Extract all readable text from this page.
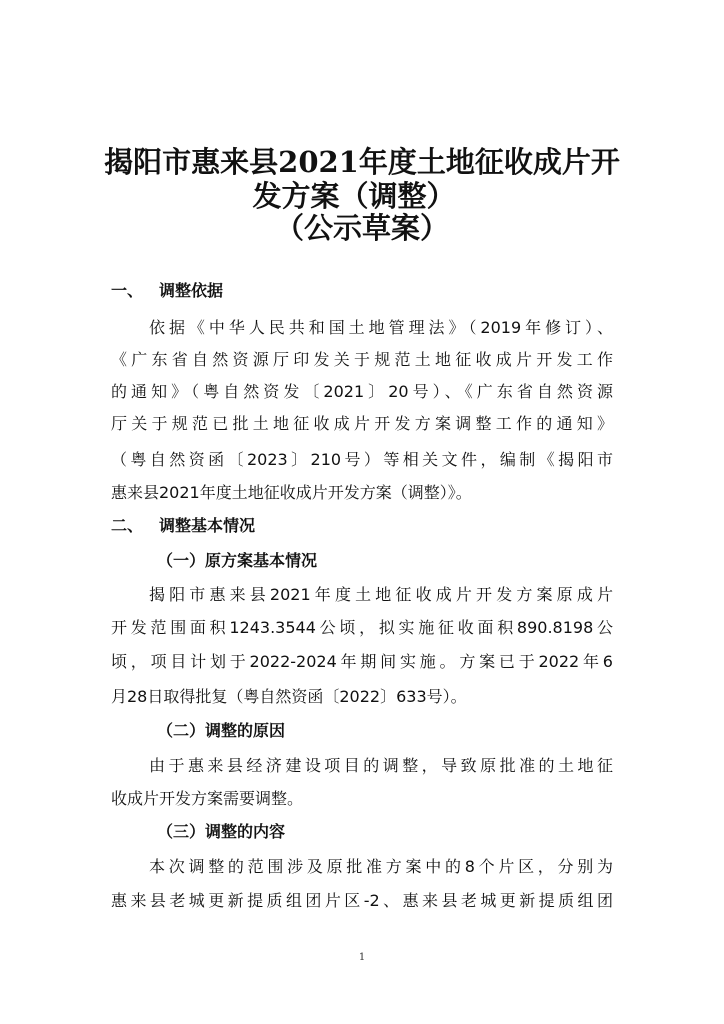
揭阳市惠来县2021年度土地征收成片开
发方案（调整）
（公示草案）
一、 调整依据
依据《中华人民共和国土地管理法》（2019年修订）、
《广东省自然资源厅印发关于规范土地征收成片开发工作
的通知》（粤自然资发〔2021〕20号）、《广东省自然资源
厅关于规范已批土地征收成片开发方案调整工作的通知》
（粤自然资函〔2023〕210号）等相关文件，编制《揭阳市
惠来县2021年度土地征收成片开发方案（调整）》。
二、 调整基本情况
（一）原方案基本情况
揭阳市惠来县2021年度土地征收成片开发方案原成片
开发范围面积1243.3544公顷，拟实施征收面积890.8198公
顷，项目计划于2022-2024年期间实施。方案已于2022年6
月28日取得批复（粤自然资函〔2022〕633号）。
（二）调整的原因
由于惠来县经济建设项目的调整，导致原批准的土地征
收成片开发方案需要调整。
（三）调整的内容
本次调整的范围涉及原批准方案中的8个片区，分别为
惠来县老城更新提质组团片区-2、惠来县老城更新提质组团
1
